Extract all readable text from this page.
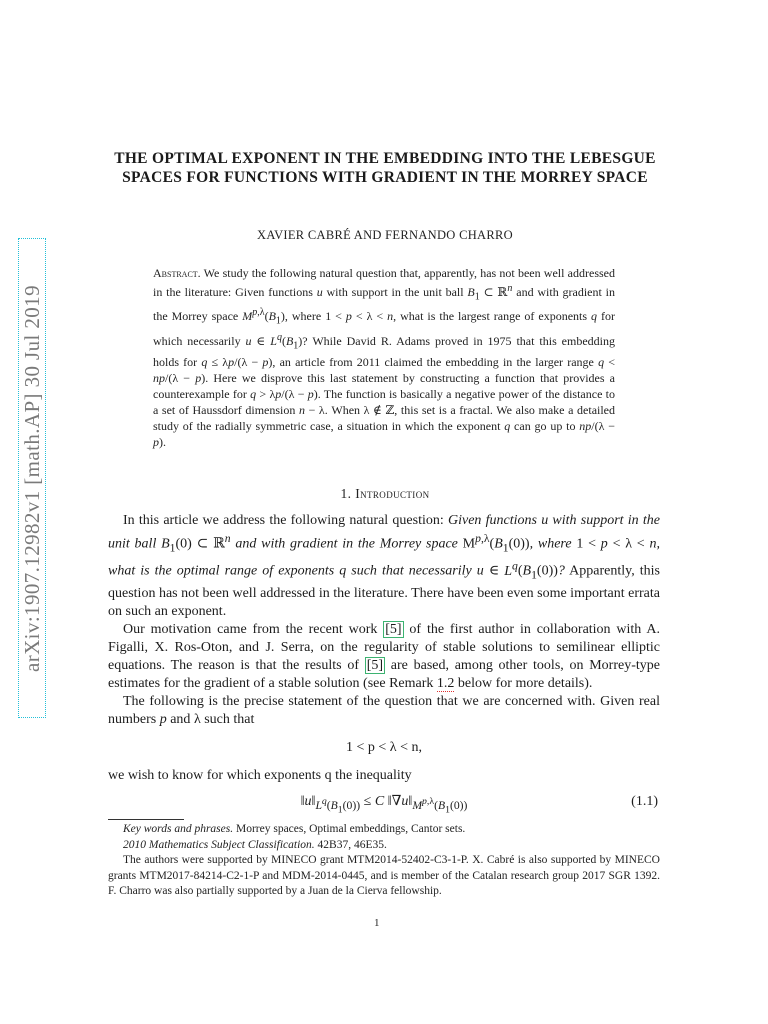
arXiv:1907.12982v1 [math.AP] 30 Jul 2019
THE OPTIMAL EXPONENT IN THE EMBEDDING INTO THE LEBESGUE SPACES FOR FUNCTIONS WITH GRADIENT IN THE MORREY SPACE
XAVIER CABRÉ AND FERNANDO CHARRO

Abstract. We study the following natural question that, apparently, has not been well addressed in the literature: Given functions u with support in the unit ball $B_1$ ⊂ ℝ$^n$ and with gradient in the Morrey space $M^{p,\lambda}(B_1)$, where 1 < p < λ < n, what is the largest range of exponents q for which necessarily u ∈ $L^q(B_1)$? While David R. Adams proved in 1975 that this embedding holds for q ≤ λp/(λ − p), an article from 2011 claimed the embedding in the larger range q < np/(λ − p). Here we disprove this last statement by constructing a function that provides a counterexample for q > λp/(λ − p). The function is basically a negative power of the distance to a set of Haussdorf dimension n − λ. When λ ∉ ℤ, this set is a fractal. We also make a detailed study of the radially symmetric case, a situation in which the exponent q can go up to np/(λ − p).

1. Introduction

In this article we address the following natural question: Given functions u with support in the unit ball $B_1(0)$ ⊂ ℝ$^n$ and with gradient in the Morrey space $M^{p,\lambda}(B_1(0))$, where 1 < p < λ < n, what is the optimal range of exponents q such that necessarily u ∈ $L^q(B_1(0))$? Apparently, this question has not been well addressed in the literature. There have been even some important errata on such an exponent.

Our motivation came from the recent work [5] of the first author in collaboration with A. Figalli, X. Ros-Oton, and J. Serra, on the regularity of stable solutions to semilinear elliptic equations. The reason is that the results of [5] are based, among other tools, on Morrey-type estimates for the gradient of a stable solution (see Remark 1.2 below for more details).

The following is the precise statement of the question that we are concerned with. Given real numbers p and λ such that

1 < p < λ < n,

we wish to know for which exponents q the inequality

$‖u‖_{L^q(B_1(0))} \le C$ $‖\nabla u‖_{M^{p,\lambda}(B_1(0))}$	(1.1)

Key words and phrases. Morrey spaces, Optimal embeddings, Cantor sets.

2010 Mathematics Subject Classification. 42B37, 46E35.

The authors were supported by MINECO grant MTM2014-52402-C3-1-P. X. Cabré is also supported by MINECO grants MTM2017-84214-C2-1-P and MDM-2014-0445, and is member of the Catalan research group 2017 SGR 1392. F. Charro was also partially supported by a Juan de la Cierva fellowship.

1
